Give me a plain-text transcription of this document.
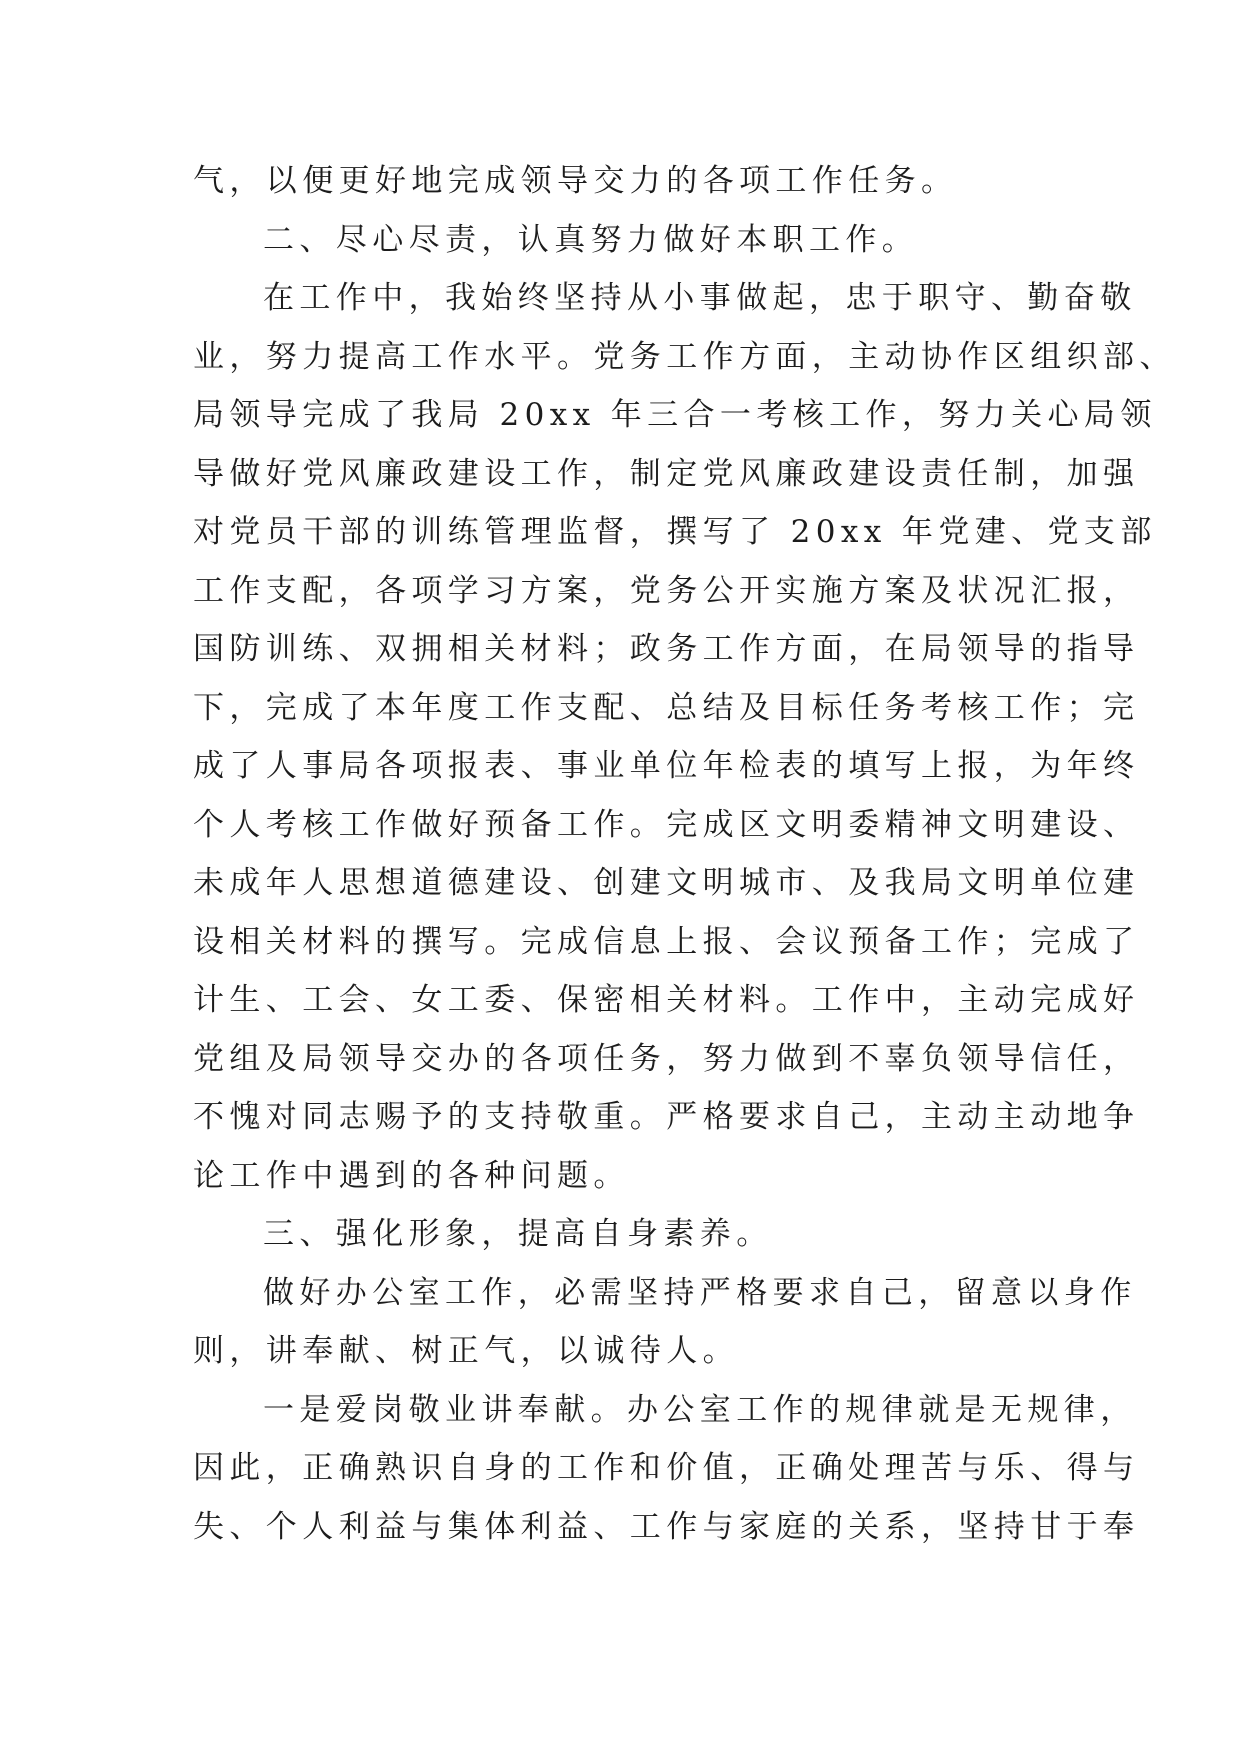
气，以便更好地完成领导交力的各项工作任务。
二、尽心尽责，认真努力做好本职工作。
在工作中，我始终坚持从小事做起，忠于职守、勤奋敬
业，努力提高工作水平。党务工作方面，主动协作区组织部、
局领导完成了我局 20xx 年三合一考核工作，努力关心局领
导做好党风廉政建设工作，制定党风廉政建设责任制，加强
对党员干部的训练管理监督，撰写了 20xx 年党建、党支部
工作支配，各项学习方案，党务公开实施方案及状况汇报，
国防训练、双拥相关材料；政务工作方面，在局领导的指导
下，完成了本年度工作支配、总结及目标任务考核工作；完
成了人事局各项报表、事业单位年检表的填写上报，为年终
个人考核工作做好预备工作。完成区文明委精神文明建设、
未成年人思想道德建设、创建文明城市、及我局文明单位建
设相关材料的撰写。完成信息上报、会议预备工作；完成了
计生、工会、女工委、保密相关材料。工作中，主动完成好
党组及局领导交办的各项任务，努力做到不辜负领导信任，
不愧对同志赐予的支持敬重。严格要求自己，主动主动地争
论工作中遇到的各种问题。
三、强化形象，提高自身素养。
做好办公室工作，必需坚持严格要求自己，留意以身作
则，讲奉献、树正气，以诚待人。
一是爱岗敬业讲奉献。办公室工作的规律就是无规律，
因此，正确熟识自身的工作和价值，正确处理苦与乐、得与
失、个人利益与集体利益、工作与家庭的关系，坚持甘于奉
